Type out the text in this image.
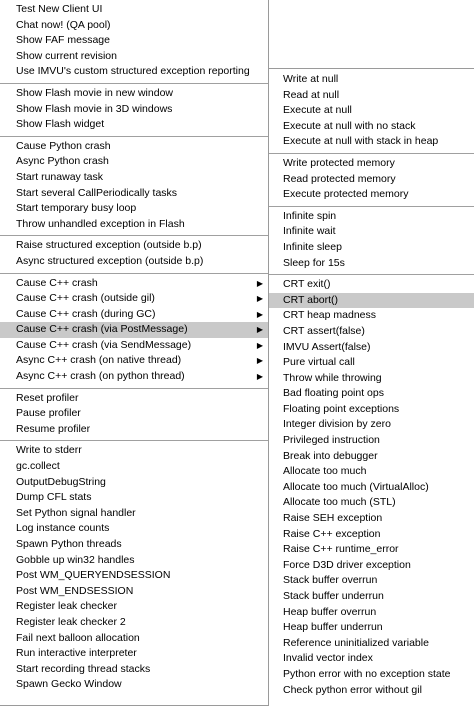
Test New Client UI
Chat now! (QA pool)
Show FAF message
Show current revision
Use IMVU's custom structured exception reporting
Show Flash movie in new window
Show Flash movie in 3D windows
Show Flash widget
Cause Python crash
Async Python crash
Start runaway task
Start several CallPeriodically tasks
Start temporary busy loop
Throw unhandled exception in Flash
Raise structured exception (outside b.p)
Async structured exception (outside b.p)
Cause C++ crash	▶
Cause C++ crash (outside gil)	▶
Cause C++ crash (during GC)	▶
Cause C++ crash (via PostMessage)	▶
Cause C++ crash (via SendMessage)	▶
Async C++ crash (on native thread)	▶
Async C++ crash (on python thread)	▶
Reset profiler
Pause profiler
Resume profiler
Write to stderr
gc.collect
OutputDebugString
Dump CFL stats
Set Python signal handler
Log instance counts
Spawn Python threads
Gobble up win32 handles
Post WM_QUERYENDSESSION
Post WM_ENDSESSION
Register leak checker
Register leak checker 2
Fail next balloon allocation
Run interactive interpreter
Start recording thread stacks
Spawn Gecko Window
Write at null
Read at null
Execute at null
Execute at null with no stack
Execute at null with stack in heap
Write protected memory
Read protected memory
Execute protected memory
Infinite spin
Infinite wait
Infinite sleep
Sleep for 15s
CRT exit()
CRT abort()
CRT heap madness
CRT assert(false)
IMVU Assert(false)
Pure virtual call
Throw while throwing
Bad floating point ops
Floating point exceptions
Integer division by zero
Privileged instruction
Break into debugger
Allocate too much
Allocate too much (VirtualAlloc)
Allocate too much (STL)
Raise SEH exception
Raise C++ exception
Raise C++ runtime_error
Force D3D driver exception
Stack buffer overrun
Stack buffer underrun
Heap buffer overrun
Heap buffer underrun
Reference uninitialized variable
Invalid vector index
Python error with no exception state
Check python error without gil
